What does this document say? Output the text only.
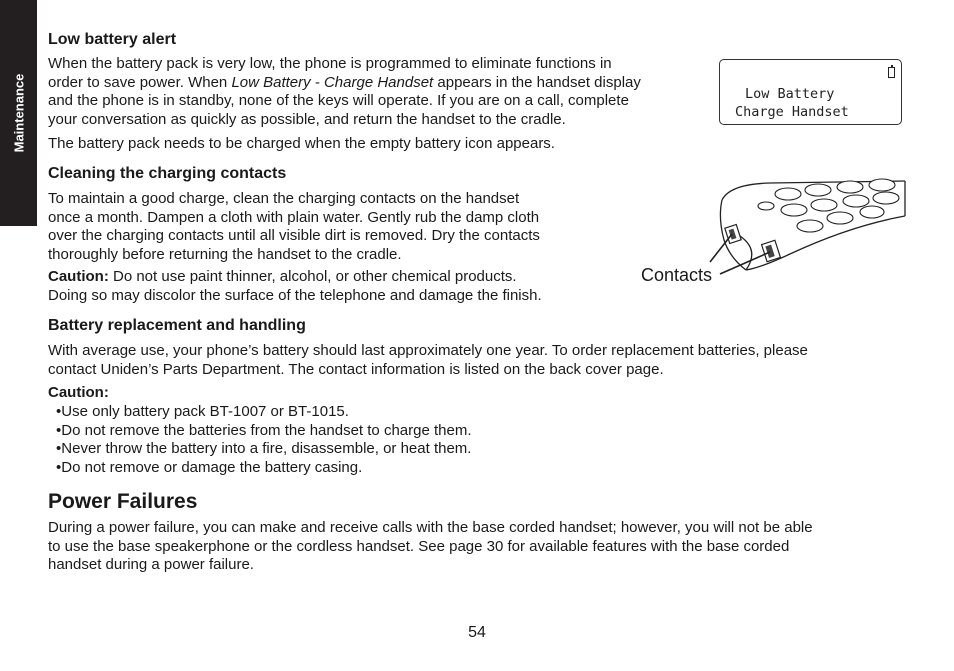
Maintenance
Low battery alert

When the battery pack is very low, the phone is programmed to eliminate functions in

order to save power. When Low Battery - Charge Handset appears in the handset display

and the phone is in standby, none of the keys will operate. If you are on a call, complete

your conversation as quickly as possible, and return the handset to the cradle.

The battery pack needs to be charged when the empty battery icon appears.

Low Battery
Charge Handset
Cleaning the charging contacts

To maintain a good charge, clean the charging contacts on the handset

once a month. Dampen a cloth with plain water. Gently rub the damp cloth

over the charging contacts until all visible dirt is removed. Dry the contacts

thoroughly before returning the handset to the cradle.

Caution: Do not use paint thinner, alcohol, or other chemical products.

Doing so may discolor the surface of the telephone and damage the finish.

Contacts
Battery replacement and handling

With average use, your phone’s battery should last approximately one year. To order replacement batteries, please

contact Uniden’s Parts Department. The contact information is listed on the back cover page.

Caution:

• Use only battery pack BT-1007 or BT-1015.
• Do not remove the batteries from the handset to charge them.
• Never throw the battery into a fire, disassemble, or heat them.
• Do not remove or damage the battery casing.
Power Failures

During a power failure, you can make and receive calls with the base corded handset; however, you will not be able

to use the base speakerphone or the cordless handset. See page 30 for available features with the base corded

handset during a power failure.

54
